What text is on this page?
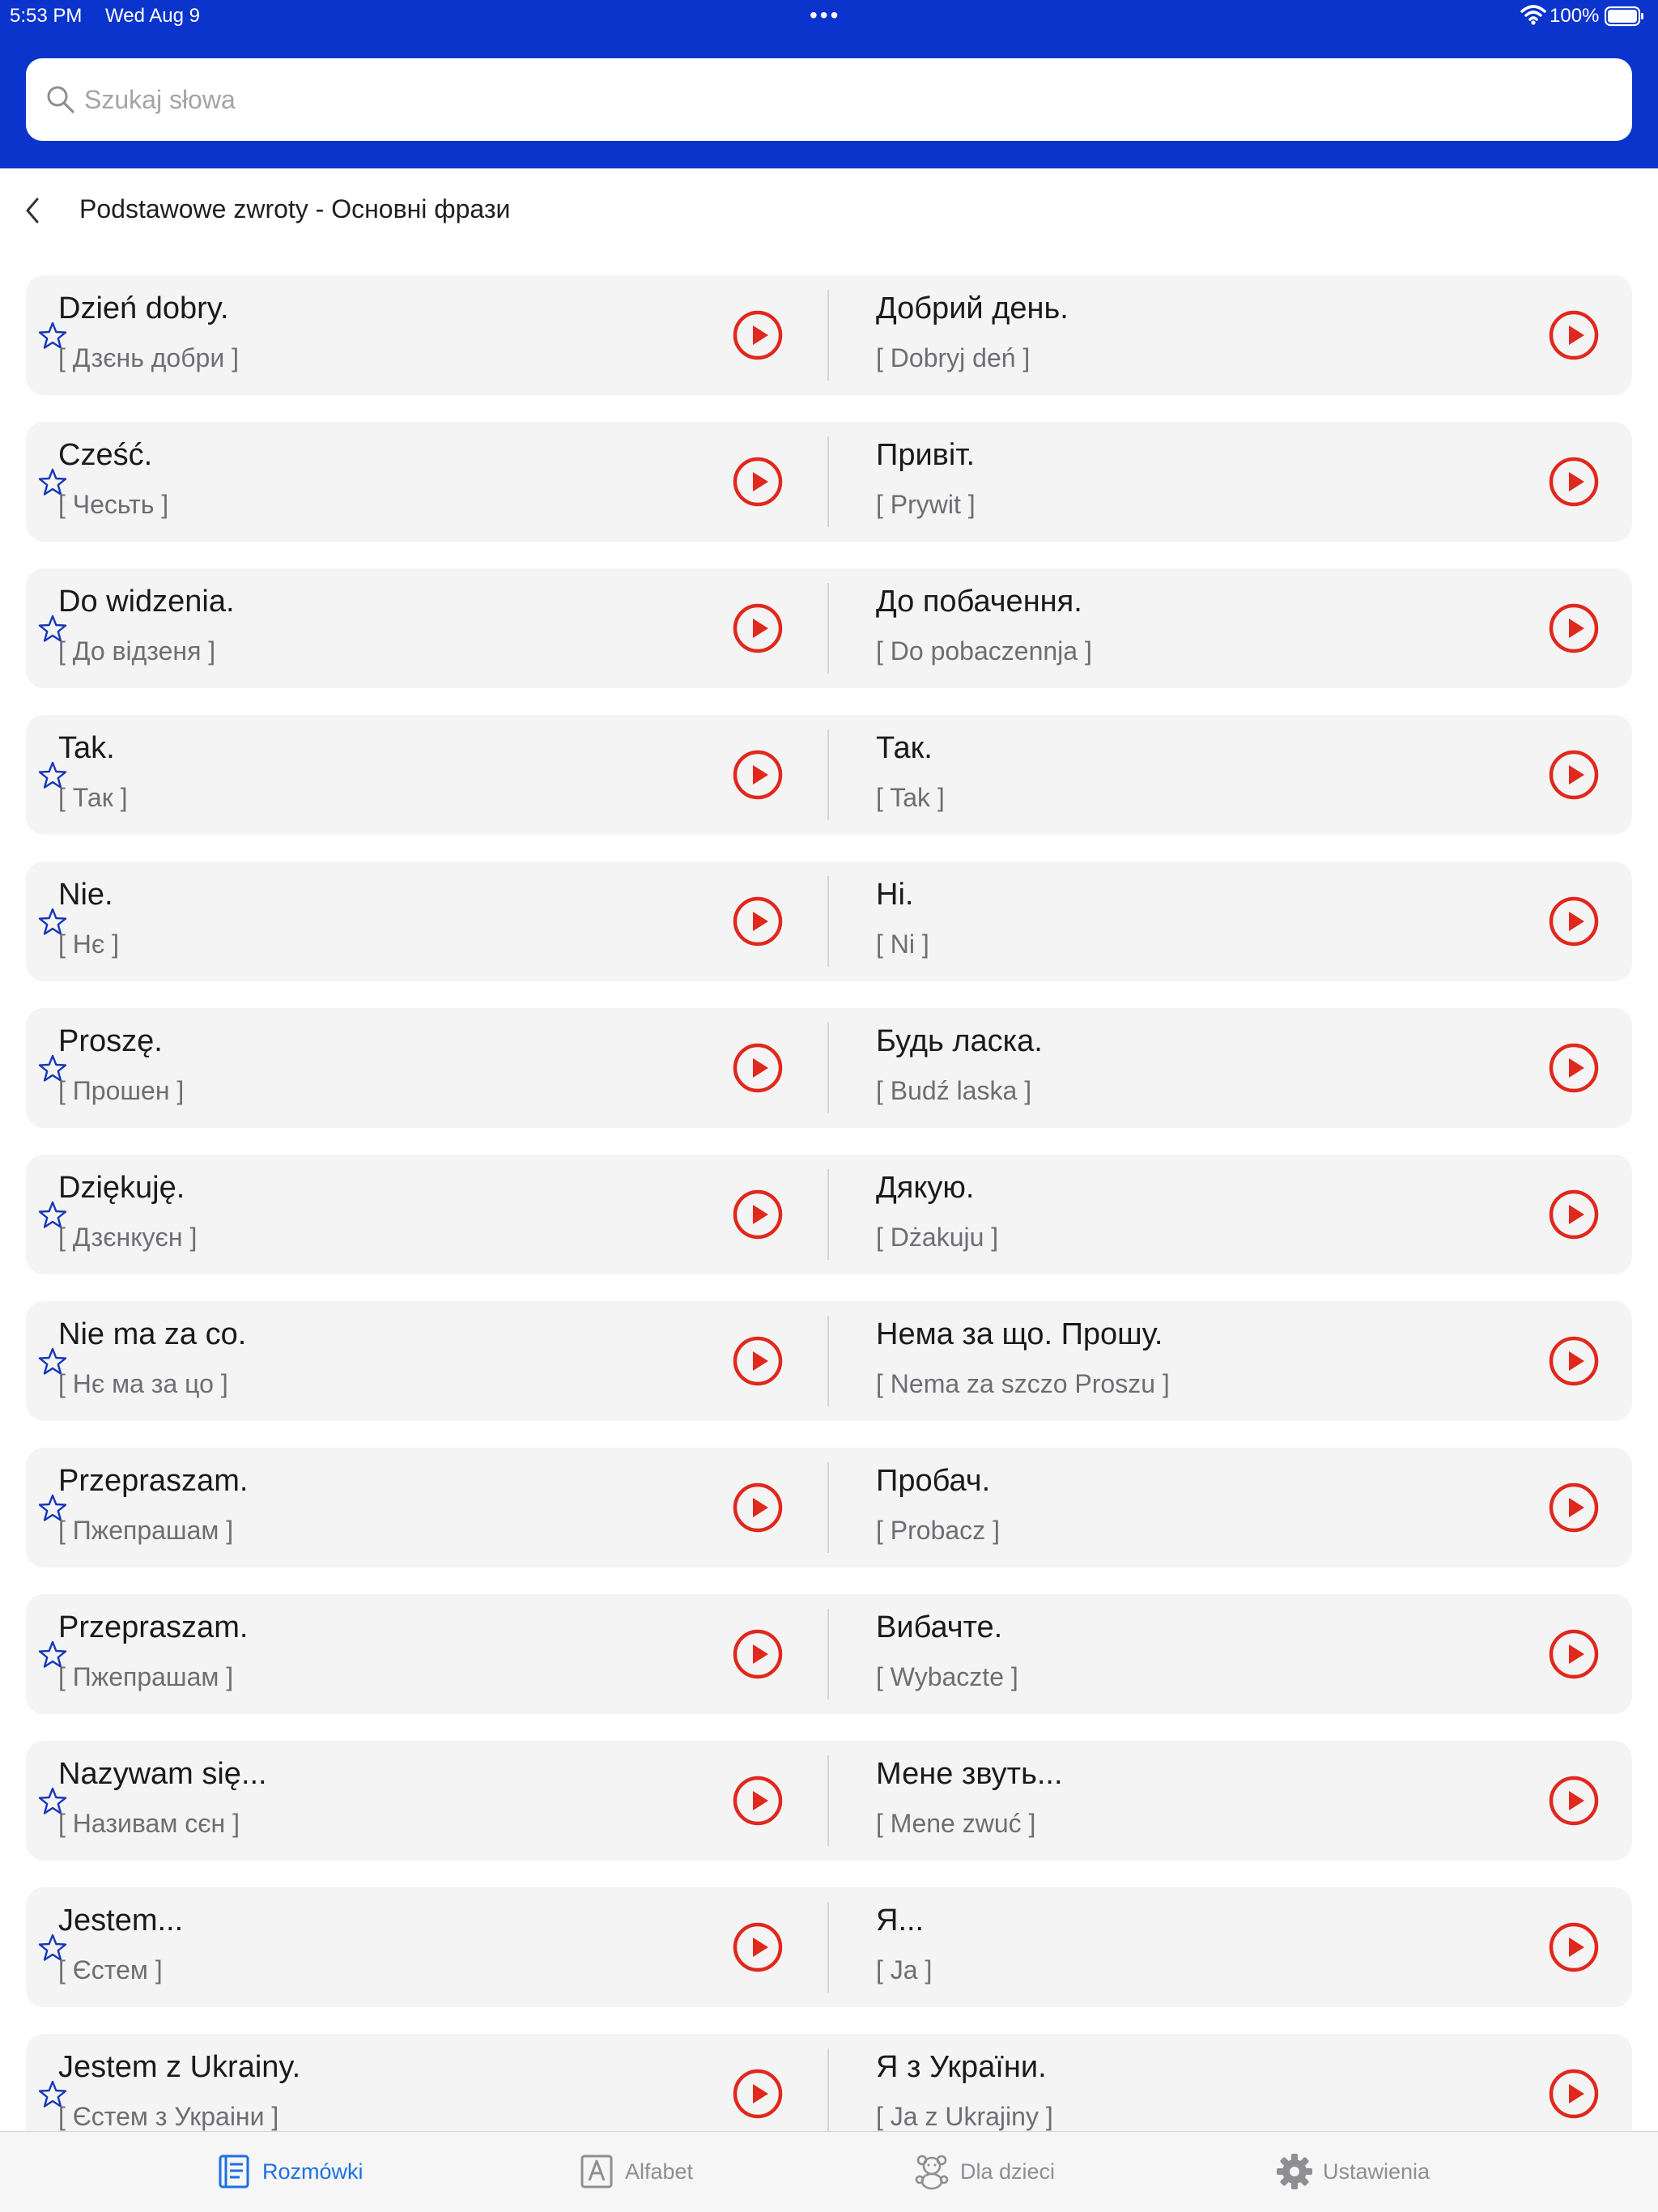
5:53 PM Wed Aug 9	•••	100%
Szukaj słowa
Podstawowe zwroty - Основні фрази
Dzień dobry.
[ Дзєнь добри ]
Добрий день.
[ Dobryj deń ]
Cześć.
[ Чесьть ]
Привіт.
[ Prywit ]
Do widzenia.
[ До відзеня ]
До побачення.
[ Do pobaczennja ]
Tak.
[ Так ]
Так.
[ Tak ]
Nie.
[ Нє ]
Ні.
[ Ni ]
Proszę.
[ Прошен ]
Будь ласка.
[ Budź laska ]
Dziękuję.
[ Дзєнкуєн ]
Дякую.
[ Dżakuju ]
Nie ma za co.
[ Нє ма за цо ]
Нема за що. Прошу.
[ Nema za szczo Proszu ]
Przepraszam.
[ Пжепрашам ]
Пробач.
[ Probacz ]
Przepraszam.
[ Пжепрашам ]
Вибачте.
[ Wybaczte ]
Nazywam się...
[ Називам сєн ]
Мене звуть...
[ Mene zwuć ]
Jestem...
[ Єстем ]
Я...
[ Ja ]
Jestem z Ukrainy.
[ Єстем з Украіни ]
Я з України.
[ Ja z Ukrajiny ]
Rozmówki	Alfabet	Dla dzieci	Ustawienia
